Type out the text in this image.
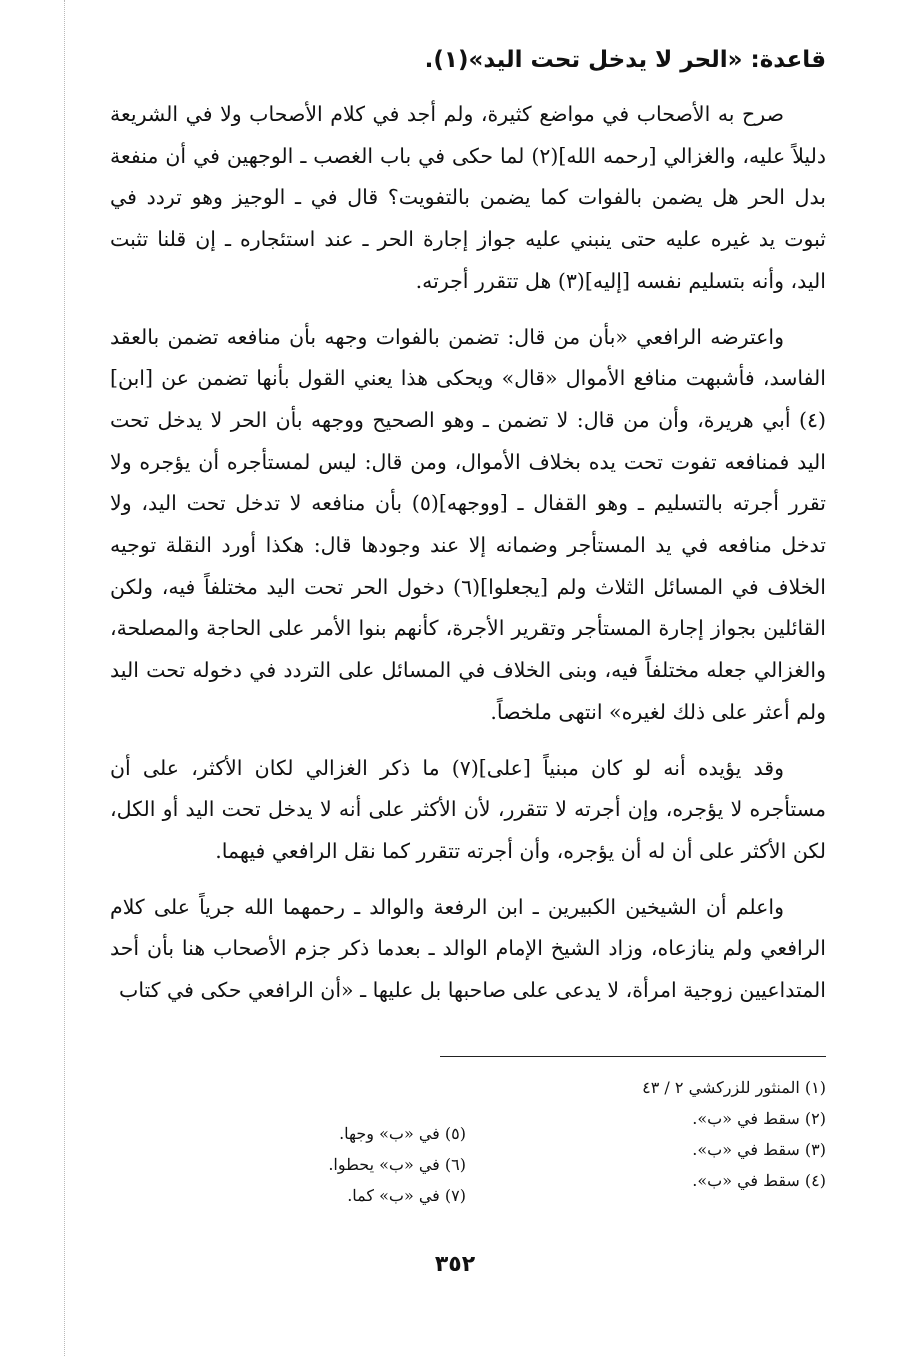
قاعدة: «الحر لا يدخل تحت اليد»(١).

صرح به الأصحاب في مواضع كثيرة، ولم أجد في كلام الأصحاب ولا في الشريعة دليلاً عليه، والغزالي [رحمه الله](٢) لما حكى في باب الغصب ـ الوجهين في أن منفعة بدل الحر هل يضمن بالفوات كما يضمن بالتفويت؟ قال في ـ الوجيز وهو تردد في ثبوت يد غيره عليه حتى ينبني عليه جواز إجارة الحر ـ عند استئجاره ـ إن قلنا تثبت اليد، وأنه بتسليم نفسه [إليه](٣) هل تتقرر أجرته.

واعترضه الرافعي «بأن من قال: تضمن بالفوات وجهه بأن منافعه تضمن بالعقد الفاسد، فأشبهت منافع الأموال «قال» ويحكى هذا يعني القول بأنها تضمن عن [ابن](٤) أبي هريرة، وأن من قال: لا تضمن ـ وهو الصحيح ووجهه بأن الحر لا يدخل تحت اليد فمنافعه تفوت تحت يده بخلاف الأموال، ومن قال: ليس لمستأجره أن يؤجره ولا تقرر أجرته بالتسليم ـ وهو القفال ـ [ووجهه](٥) بأن منافعه لا تدخل تحت اليد، ولا تدخل منافعه في يد المستأجر وضمانه إلا عند وجودها قال: هكذا أورد النقلة توجيه الخلاف في المسائل الثلاث ولم [يجعلوا](٦) دخول الحر تحت اليد مختلفاً فيه، ولكن القائلين بجواز إجارة المستأجر وتقرير الأجرة، كأنهم بنوا الأمر على الحاجة والمصلحة، والغزالي جعله مختلفاً فيه، وبنى الخلاف في المسائل على التردد في دخوله تحت اليد ولم أعثر على ذلك لغيره» انتهى ملخصاً.

وقد يؤيده أنه لو كان مبنياً [على](٧) ما ذكر الغزالي لكان الأكثر، على أن مستأجره لا يؤجره، وإن أجرته لا تتقرر، لأن الأكثر على أنه لا يدخل تحت اليد أو الكل، لكن الأكثر على أن له أن يؤجره، وأن أجرته تتقرر كما نقل الرافعي فيهما.

واعلم أن الشيخين الكبيرين ـ ابن الرفعة والوالد ـ رحمهما الله جرياً على كلام الرافعي ولم ينازعاه، وزاد الشيخ الإمام الوالد ـ بعدما ذكر جزم الأصحاب هنا بأن أحد المتداعيين زوجية امرأة، لا يدعى على صاحبها بل عليها ـ «أن الرافعي حكى في كتاب

(١) المنثور للزركشي ٢ / ٤٣
(٢) سقط في «ب».
(٣) سقط في «ب».
(٤) سقط في «ب».
(٥) في «ب» وجها.
(٦) في «ب» يحطوا.
(٧) في «ب» كما.
٣٥٢
